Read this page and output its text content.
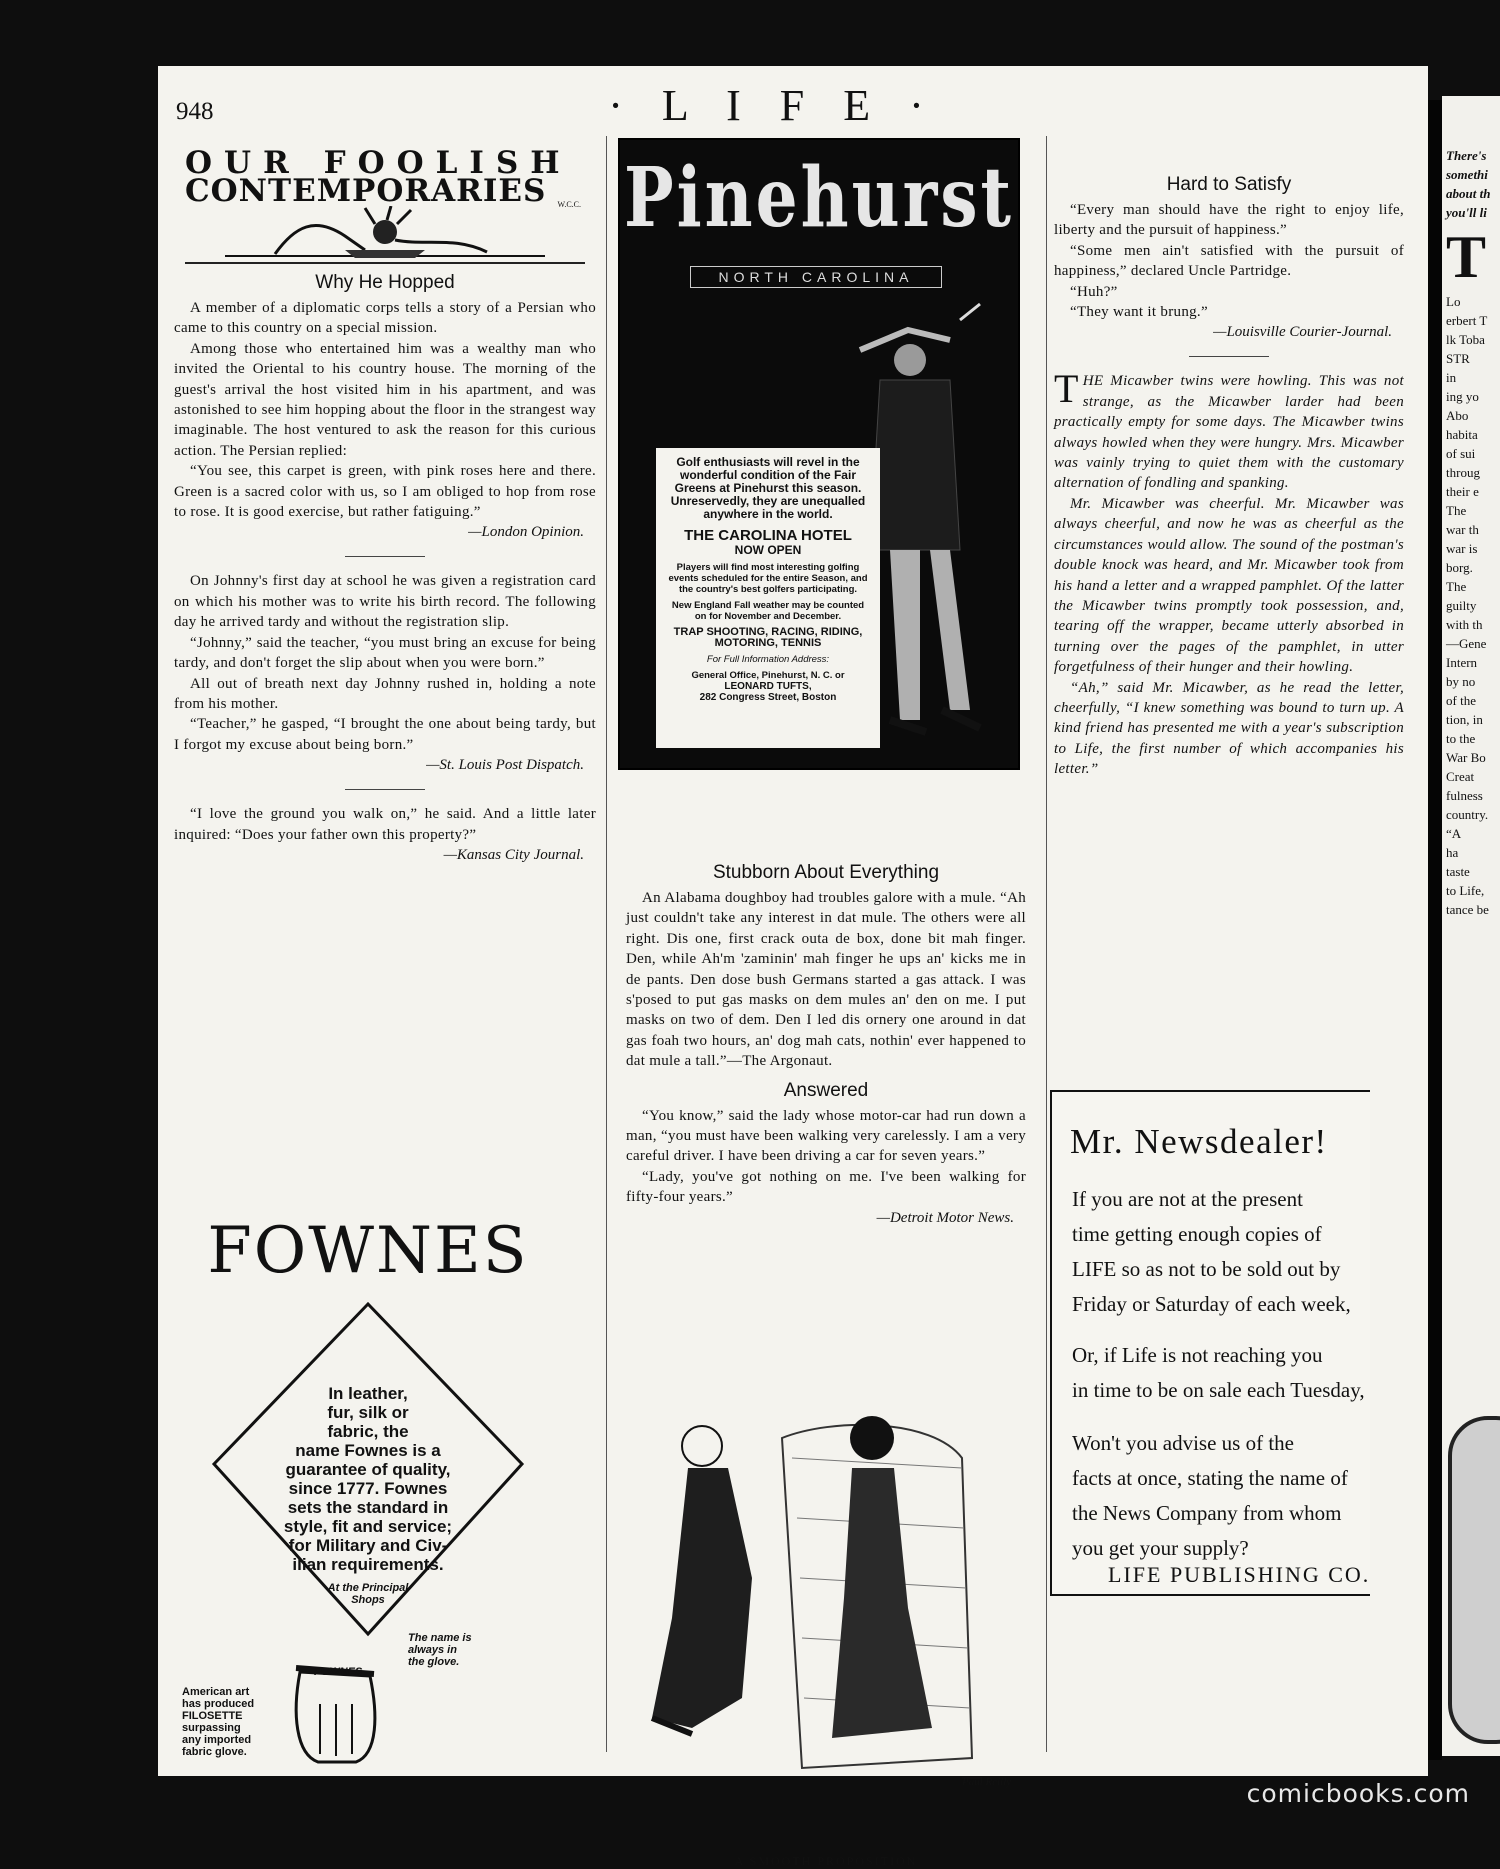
948	· L I F E ·
OUR FOOLISH
CONTEMPORARIES	W.C.C.
Why He Hopped

A member of a diplomatic corps tells a story of a Persian who came to this country on a special mission.

Among those who entertained him was a wealthy man who invited the Oriental to his country house. The morning of the guest's arrival the host visited him in his apartment, and was astonished to see him hopping about the floor in the strangest way imaginable. The host ventured to ask the reason for this curious action. The Persian replied:

“You see, this carpet is green, with pink roses here and there. Green is a sacred color with us, so I am obliged to hop from rose to rose. It is good exercise, but rather fatiguing.”

—London Opinion.

On Johnny's first day at school he was given a registration card on which his mother was to write his birth record. The following day he arrived tardy and without the registration slip.

“Johnny,” said the teacher, “you must bring an excuse for being tardy, and don't forget the slip about when you were born.”

All out of breath next day Johnny rushed in, holding a note from his mother.

“Teacher,” he gasped, “I brought the one about being tardy, but I forgot my excuse about being born.”

—St. Louis Post Dispatch.

“I love the ground you walk on,” he said. And a little later inquired: “Does your father own this property?”

—Kansas City Journal.
FOWNES
In leather,
fur, silk or
fabric, the
name Fownes is a
guarantee of quality,
since 1777. Fownes
sets the standard in
style, fit and service;
for Military and Civ-
ilian requirements.
At the Principal
Shops
FOWNES
The name is
always in
the glove.
American art
has produced
FILOSETTE
surpassing
any imported
fabric glove.
Pinehurst
NORTH CAROLINA
Golf enthusiasts will revel in the wonderful condition of the Fair Greens at Pinehurst this season. Unreservedly, they are unequalled anywhere in the world.
THE CAROLINA HOTEL
NOW OPEN
Players will find most interesting golfing events scheduled for the entire Season, and the country's best golfers participating.
New England Fall weather may be counted on for November and December.
TRAP SHOOTING, RACING, RIDING, MOTORING, TENNIS
For Full Information Address:
General Office, Pinehurst, N. C. or
LEONARD TUFTS,
282 Congress Street, Boston
Stubborn About Everything

An Alabama doughboy had troubles galore with a mule. “Ah just couldn't take any interest in dat mule. The others were all right. Dis one, first crack outa de box, done bit mah finger. Den, while Ah'm 'zaminin' mah finger he ups an' kicks me in de pants. Den dose bush Germans started a gas attack. I was s'posed to put gas masks on dem mules an' den on me. I put masks on two of dem. Den I led dis ornery one around in dat gas foah two hours, an' dog mah cats, nothin' ever happened to dat mule a tall.”—The Argonaut.

Answered

“You know,” said the lady whose motor-car had run down a man, “you must have been walking very carelessly. I am a very careful driver. I have been driving a car for seven years.”

“Lady, you've got nothing on me. I've been walking for fifty-four years.”

—Detroit Motor News.
Paul Reilly
A SMOOTH PROPOSITION
Hard to Satisfy

“Every man should have the right to enjoy life, liberty and the pursuit of happiness.”

“Some men ain't satisfied with the pursuit of happiness,” declared Uncle Partridge.

“Huh?”

“They want it brung.”

—Louisville Courier-Journal.

THE Micawber twins were howling. This was not strange, as the Micawber larder had been practically empty for some days. The Micawber twins always howled when they were hungry. Mrs. Micawber was vainly trying to quiet them with the customary alternation of fondling and spanking.

Mr. Micawber was cheerful. Mr. Micawber was always cheerful, and now he was as cheerful as the circumstances would allow. The sound of the postman's double knock was heard, and Mr. Micawber took from his hand a letter and a wrapped pamphlet. Of the latter the Micawber twins promptly took possession, and, tearing off the wrapper, became utterly absorbed in turning over the pages of the pamphlet, in utter forgetfulness of their hunger and their howling.

“Ah,” said Mr. Micawber, as he read the letter, cheerfully, “I knew something was bound to turn up. A kind friend has presented me with a year's subscription to Life, the first number of which accompanies his letter.”

Mr. Newsdealer!
If you are not at the present
time getting enough copies of
LIFE so as not to be sold out by
Friday or Saturday of each week,
Or, if Life is not reaching you
in time to be on sale each Tuesday,
Won't you advise us of the
facts at once, stating the name of
the News Company from whom
you get your supply?
LIFE PUBLISHING CO.
There's
somethi
about th
you'll li
T
Lo
erbert T
lk Toba
STR
in
ing yo
Abo
habita
of sui
throug
their e
The
war th
war is
borg.
The
guilty
with th
—Gene
Intern
by no
of the
tion, in
to the
War Bo
Creat
fulness
country.
“A
ha
taste
to Life,
tance be
comicbooks.com
